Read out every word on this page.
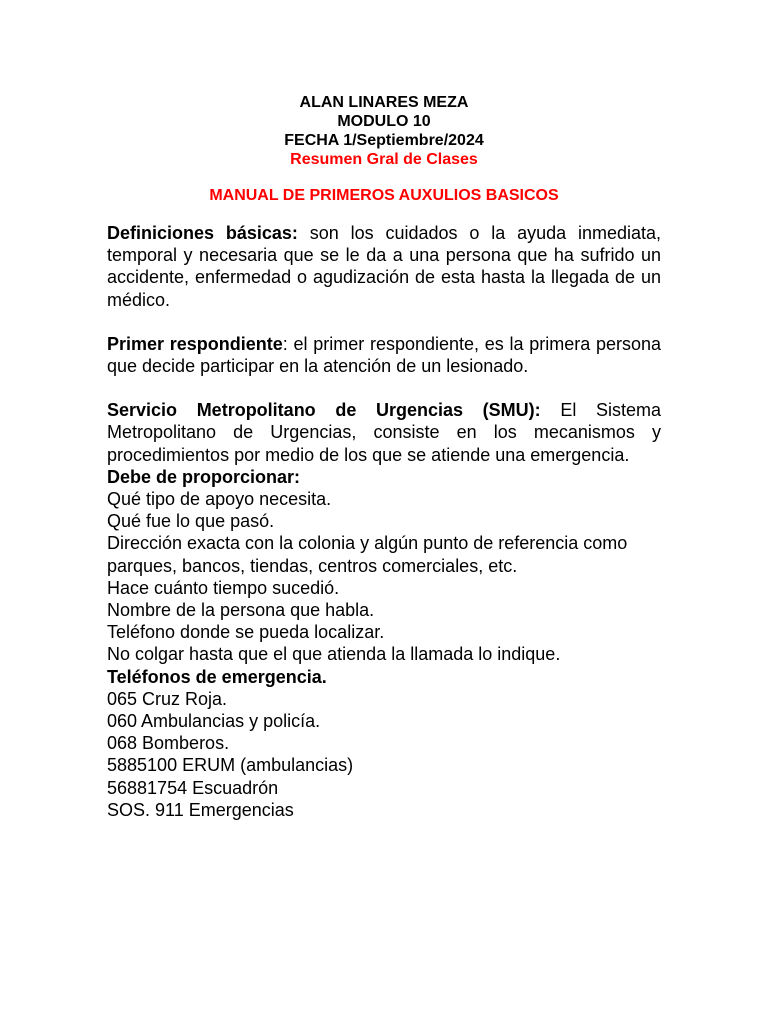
ALAN LINARES MEZA
MODULO 10
FECHA 1/Septiembre/2024
Resumen Gral de Clases
MANUAL DE PRIMEROS AUXULIOS BASICOS

Definiciones básicas: son los cuidados o la ayuda inmediata, temporal y necesaria que se le da a una persona que ha sufrido un accidente, enfermedad o agudización de esta hasta la llegada de un médico.

Primer respondiente: el primer respondiente, es la primera persona que decide participar en la atención de un lesionado.

Servicio Metropolitano de Urgencias (SMU): El Sistema Metropolitano de Urgencias, consiste en los mecanismos y procedimientos por medio de los que se atiende una emergencia.

Debe de proporcionar:
Qué tipo de apoyo necesita.
Qué fue lo que pasó.
Dirección exacta con la colonia y algún punto de referencia como parques, bancos, tiendas, centros comerciales, etc.
Hace cuánto tiempo sucedió.
Nombre de la persona que habla.
Teléfono donde se pueda localizar.
No colgar hasta que el que atienda la llamada lo indique.
Teléfonos de emergencia.
065 Cruz Roja.
060 Ambulancias y policía.
068 Bomberos.
5885100 ERUM (ambulancias)
56881754 Escuadrón
SOS. 911 Emergencias
